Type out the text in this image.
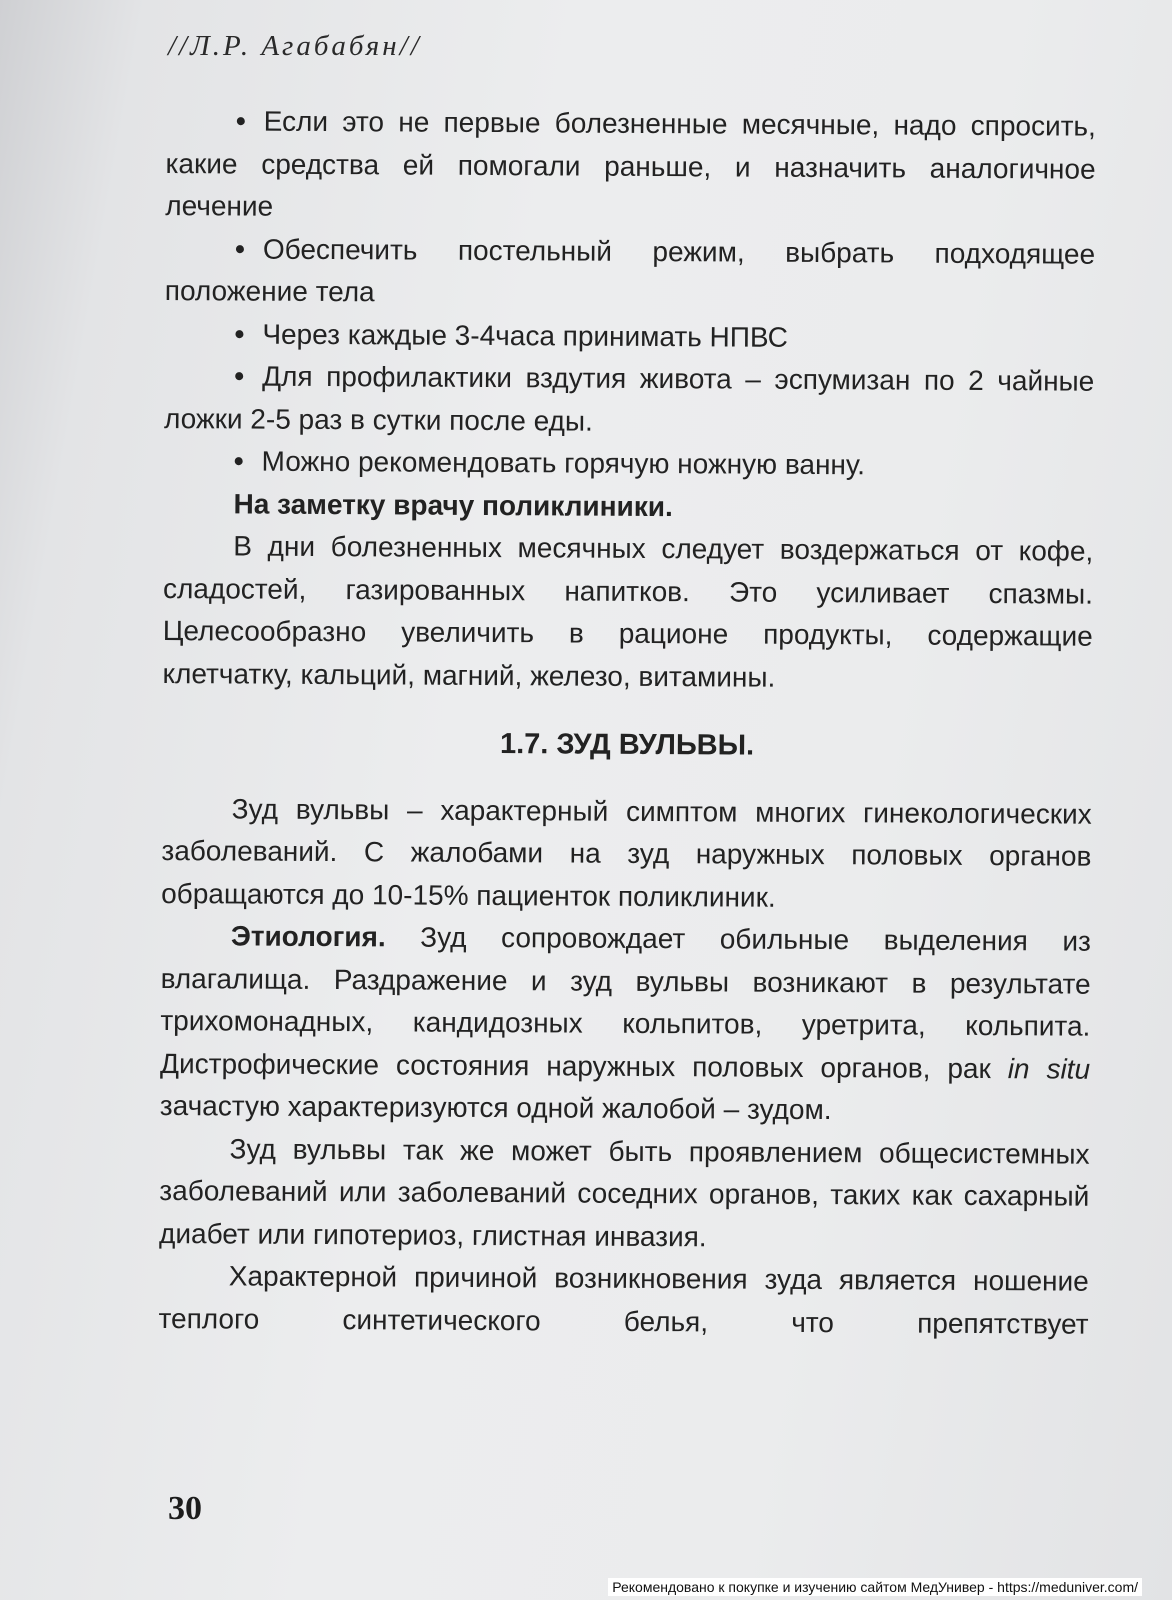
//Л.Р. Агабабян//

• Если это не первые болезненные месячные, надо спросить, какие средства ей помогали раньше, и назначить аналогичное лечение

• Обеспечить постельный режим, выбрать подходящее положение тела

• Через каждые 3-4часа принимать НПВС

• Для профилактики вздутия живота – эспумизан по 2 чайные ложки 2-5 раз в сутки после еды.

• Можно рекомендовать горячую ножную ванну.

На заметку врачу поликлиники.

В дни болезненных месячных следует воздержаться от кофе, сладостей, газированных напитков. Это усиливает спазмы. Целесообразно увеличить в рационе продукты, содержащие клетчатку, кальций, магний, железо, витамины.

1.7. ЗУД ВУЛЬВЫ.

Зуд вульвы – характерный симптом многих гинекологических заболеваний. С жалобами на зуд наружных половых органов обращаются до 10-15% пациенток поликлиник.

Этиология. Зуд сопровождает обильные выделения из влагалища. Раздражение и зуд вульвы возникают в результате трихомонадных, кандидозных кольпитов, уретрита, кольпита. Дистрофические состояния наружных половых органов, рак in situ зачастую характеризуются одной жалобой – зудом.

Зуд вульвы так же может быть проявлением общесистемных заболеваний или заболеваний соседних органов, таких как сахарный диабет или гипотериоз, глистная инвазия.

Характерной причиной возникновения зуда является ношение теплого синтетического белья, что препятствует

30
Рекомендовано к покупке и изучению сайтом МедУнивер - https://meduniver.com/
